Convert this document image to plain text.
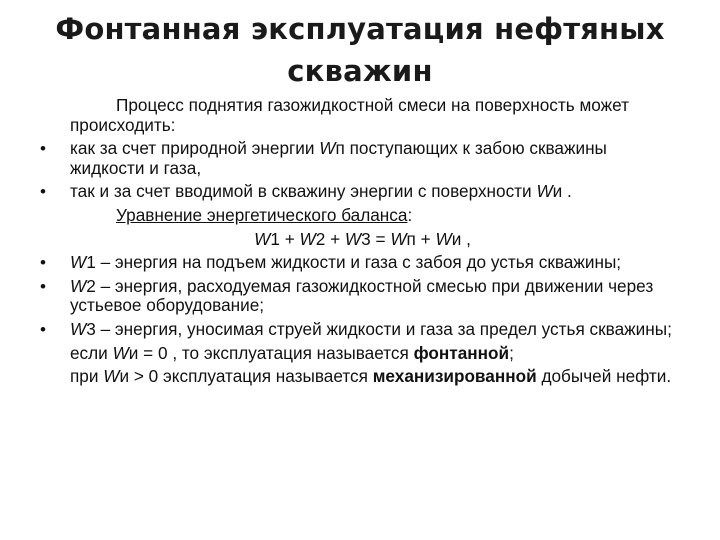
Фонтанная эксплуатация нефтяных
скважин

Процесс поднятия газожидкостной смеси на поверхность может происходить:

• как за счет природной энергии Wп поступающих к забою скважины жидкости и газа,

• так и за счет вводимой в скважину энергии с поверхности Wи .

Уравнение энергетического баланса:

W1 + W2 + W3 = Wп + Wи ,

• W1 – энергия на подъем жидкости и газа с забоя до устья скважины;

• W2 – энергия, расходуемая газожидкостной смесью при движении через устьевое оборудование;

• W3 – энергия, уносимая струей жидкости и газа за предел устья скважины;

если Wи = 0 , то эксплуатация называется фонтанной;

при Wи > 0 эксплуатация называется механизированной добычей нефти.
